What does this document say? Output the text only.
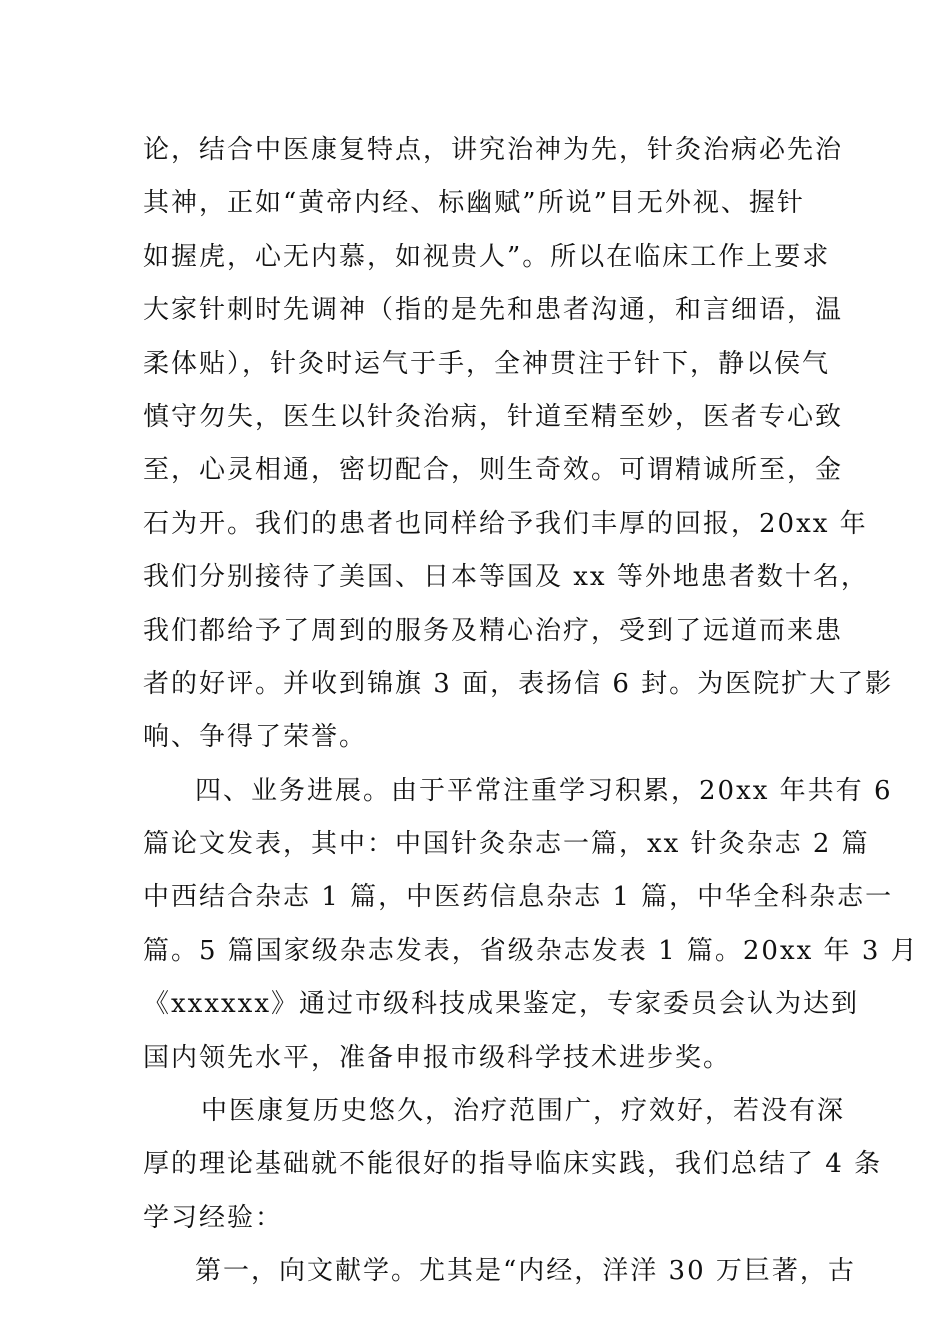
论，结合中医康复特点，讲究治神为先，针灸治病必先治
其神，正如“黄帝内经、标幽赋”所说”目无外视、握针
如握虎，心无内慕，如视贵人”。所以在临床工作上要求
大家针刺时先调神（指的是先和患者沟通，和言细语，温
柔体贴），针灸时运气于手，全神贯注于针下，静以侯气
慎守勿失，医生以针灸治病，针道至精至妙，医者专心致
至，心灵相通，密切配合，则生奇效。可谓精诚所至，金
石为开。我们的患者也同样给予我们丰厚的回报，20xx 年
我们分别接待了美国、日本等国及 xx 等外地患者数十名，
我们都给予了周到的服务及精心治疗，受到了远道而来患
者的好评。并收到锦旗 3 面，表扬信 6 封。为医院扩大了影
响、争得了荣誉。
四、业务进展。由于平常注重学习积累，20xx 年共有 6
篇论文发表，其中：中国针灸杂志一篇，xx 针灸杂志 2 篇
中西结合杂志 1 篇，中医药信息杂志 1 篇，中华全科杂志一
篇。5 篇国家级杂志发表，省级杂志发表 1 篇。20xx 年 3 月
《xxxxxx》通过市级科技成果鉴定，专家委员会认为达到
国内领先水平，准备申报市级科学技术进步奖。
中医康复历史悠久，治疗范围广，疗效好，若没有深
厚的理论基础就不能很好的指导临床实践，我们总结了 4 条
学习经验：
第一，向文献学。尤其是“内经，洋洋 30 万巨著，古
